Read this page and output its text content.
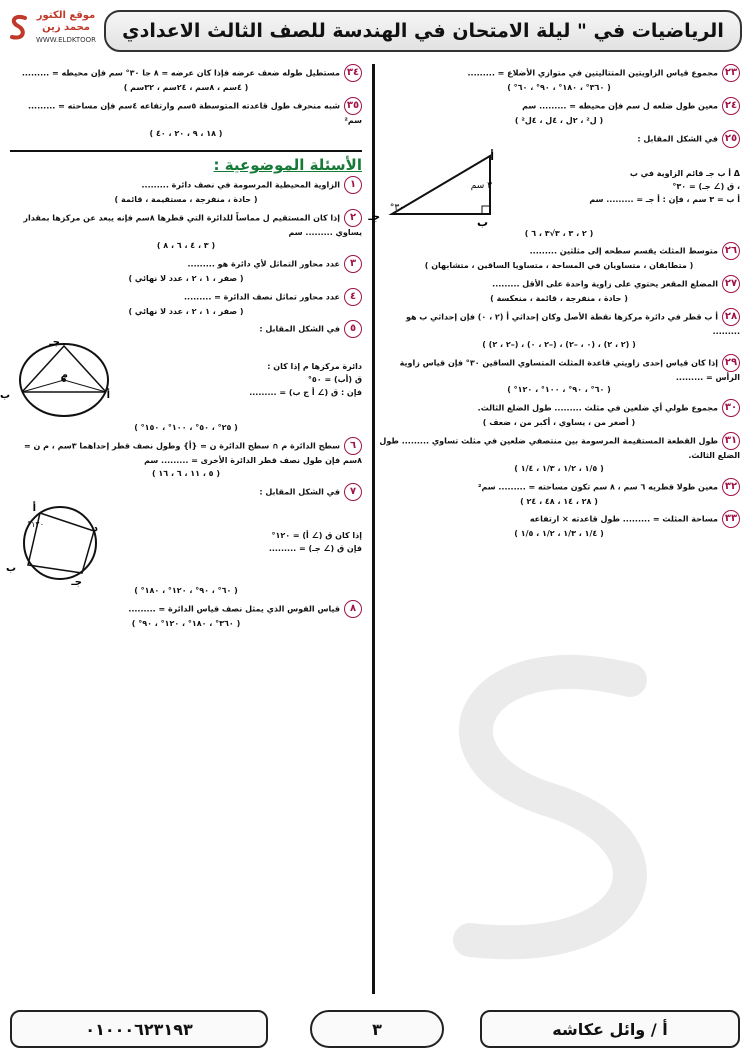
الرياضيات في " ليلة الامتحان في الهندسة للصف الثالث الاعدادي
موقع الكتور محمد زين
WWW.ELDKTOOR

٢٣مجموع قياس الزاويتين المتتاليتين في متوازي الأضلاع = .........

( ٣٦٠° ، ١٨٠° ، ٩٠° ، ٦٠° )

٢٤معين طول ضلعه ل سم فإن محيطه = ......... سم

( ل² ، ٢ل ، ٤ل ، ٤ل² )

٢٥في الشكل المقابل :

Δ أ ب جـ قائم الزاوية في ب

، ق (∠ جـ) = ٣٠°

أ ب = ٣ سم ، فإن : أ جـ = ......... سم

أ
ب
جـ
٣ سم
٣٠°
( ٢ ، ٣ ، ٣√٣ ، ٦ )

٢٦متوسط المثلث يقسم سطحه إلى مثلثين .........

( متطابقان ، متساويان في المساحة ، متساويا الساقين ، متشابهان )

٢٧المضلع المقعر يحتوي على زاوية واحدة على الأقل .........

( حادة ، منفرجة ، قائمة ، منعكسة )

٢٨أ ب قطر في دائرة مركزها نقطة الأصل وكان إحداثي أ (٢ ، ٠) فإن إحداثي ب هو .........

( (٢ ، ٢) ، (٠ ، –٢) ، (–٢ ، ٠) ، (–٢ ، ٢) )

٢٩إذا كان قياس إحدى زاويتي قاعدة المثلث المتساوي الساقين ٣٠° فإن قياس زاوية الرأس = .........

( ٦٠° ، ٩٠° ، ١٠٠° ، ١٢٠° )

٣٠مجموع طولي أي ضلعين في مثلث ......... طول الضلع الثالث.

( أصغر من ، يساوي ، أكبر من ، ضعف )

٣١طول القطعة المستقيمة المرسومة بين منتصفي ضلعين في مثلث تساوي ......... طول الضلع الثالث.

( ١/٥ ، ١/٢ ، ١/٣ ، ١/٤ )

٣٢معين طولا قطريه ٦ سم ، ٨ سم تكون مساحته = ......... سم²

( ٢٨ ، ١٤ ، ٤٨ ، ٢٤ )

٣٣مساحة المثلث = ......... طول قاعدته × ارتفاعه

( ١/٤ ، ١/٣ ، ١/٢ ، ١/٥ )

٣٤مستطيل طوله ضعف عرضه فإذا كان عرضه = ٨ جا ٣٠° سم فإن محيطه = .........

( ٤سم ، ٨سم ، ٢٤سم ، ٣٢سم )

٣٥شبه منحرف طول قاعدته المتوسطة ٥سم وارتفاعه ٤سم فإن مساحته = ......... سم²

( ١٨ ، ٩ ، ٢٠ ، ٤٠ )
الأسئلة الموضوعية :

١الزاوية المحيطية المرسومة في نصف دائرة .........

( حادة ، منفرجة ، مستقيمة ، قائمة )

٢إذا كان المستقيم ل مماساً للدائرة التي قطرها ٨سم فإنه يبعد عن مركزها بمقدار يساوي ......... سم

( ٣ ، ٤ ، ٦ ، ٨ )

٣عدد محاور التماثل لأي دائرة هو .........

( صفر ، ١ ، ٢ ، عدد لا نهائي )

٤عدد محاور تماثل نصف الدائرة = .........

( صفر ، ١ ، ٢ ، عدد لا نهائي )

٥في الشكل المقابل :

دائرة مركزها م إذا كان :

ق (أب) = ٥٠°

فإن : ق (∠ أ ج ب) = .........

جـ
ب	أ
م
( ٢٥° ، ٥٠° ، ١٠٠° ، ١٥٠° )

٦سطح الدائرة م ∩ سطح الدائرة ن = {أ} وطول نصف قطر إحداهما ٣سم ، م ن = ٨سم فإن طول نصف قطر الدائرة الأخرى = ......... سم

( ٥ ، ١١ ، ٦ ، ١٦ )

٧في الشكل المقابل :

إذا كان ق (∠ أ) = ١٢٠°

فإن ق (∠ جـ) = .........

أ
د
جـ
ب
١٢٠°
( ٦٠° ، ٩٠° ، ١٢٠° ، ١٨٠° )

٨قياس القوس الذي يمثل نصف قياس الدائرة = .........

( ٣٦٠° ، ١٨٠° ، ١٢٠° ، ٩٠° )
أ / وائل عكاشه
٣
٠١٠٠٠٦٢٣١٩٣
